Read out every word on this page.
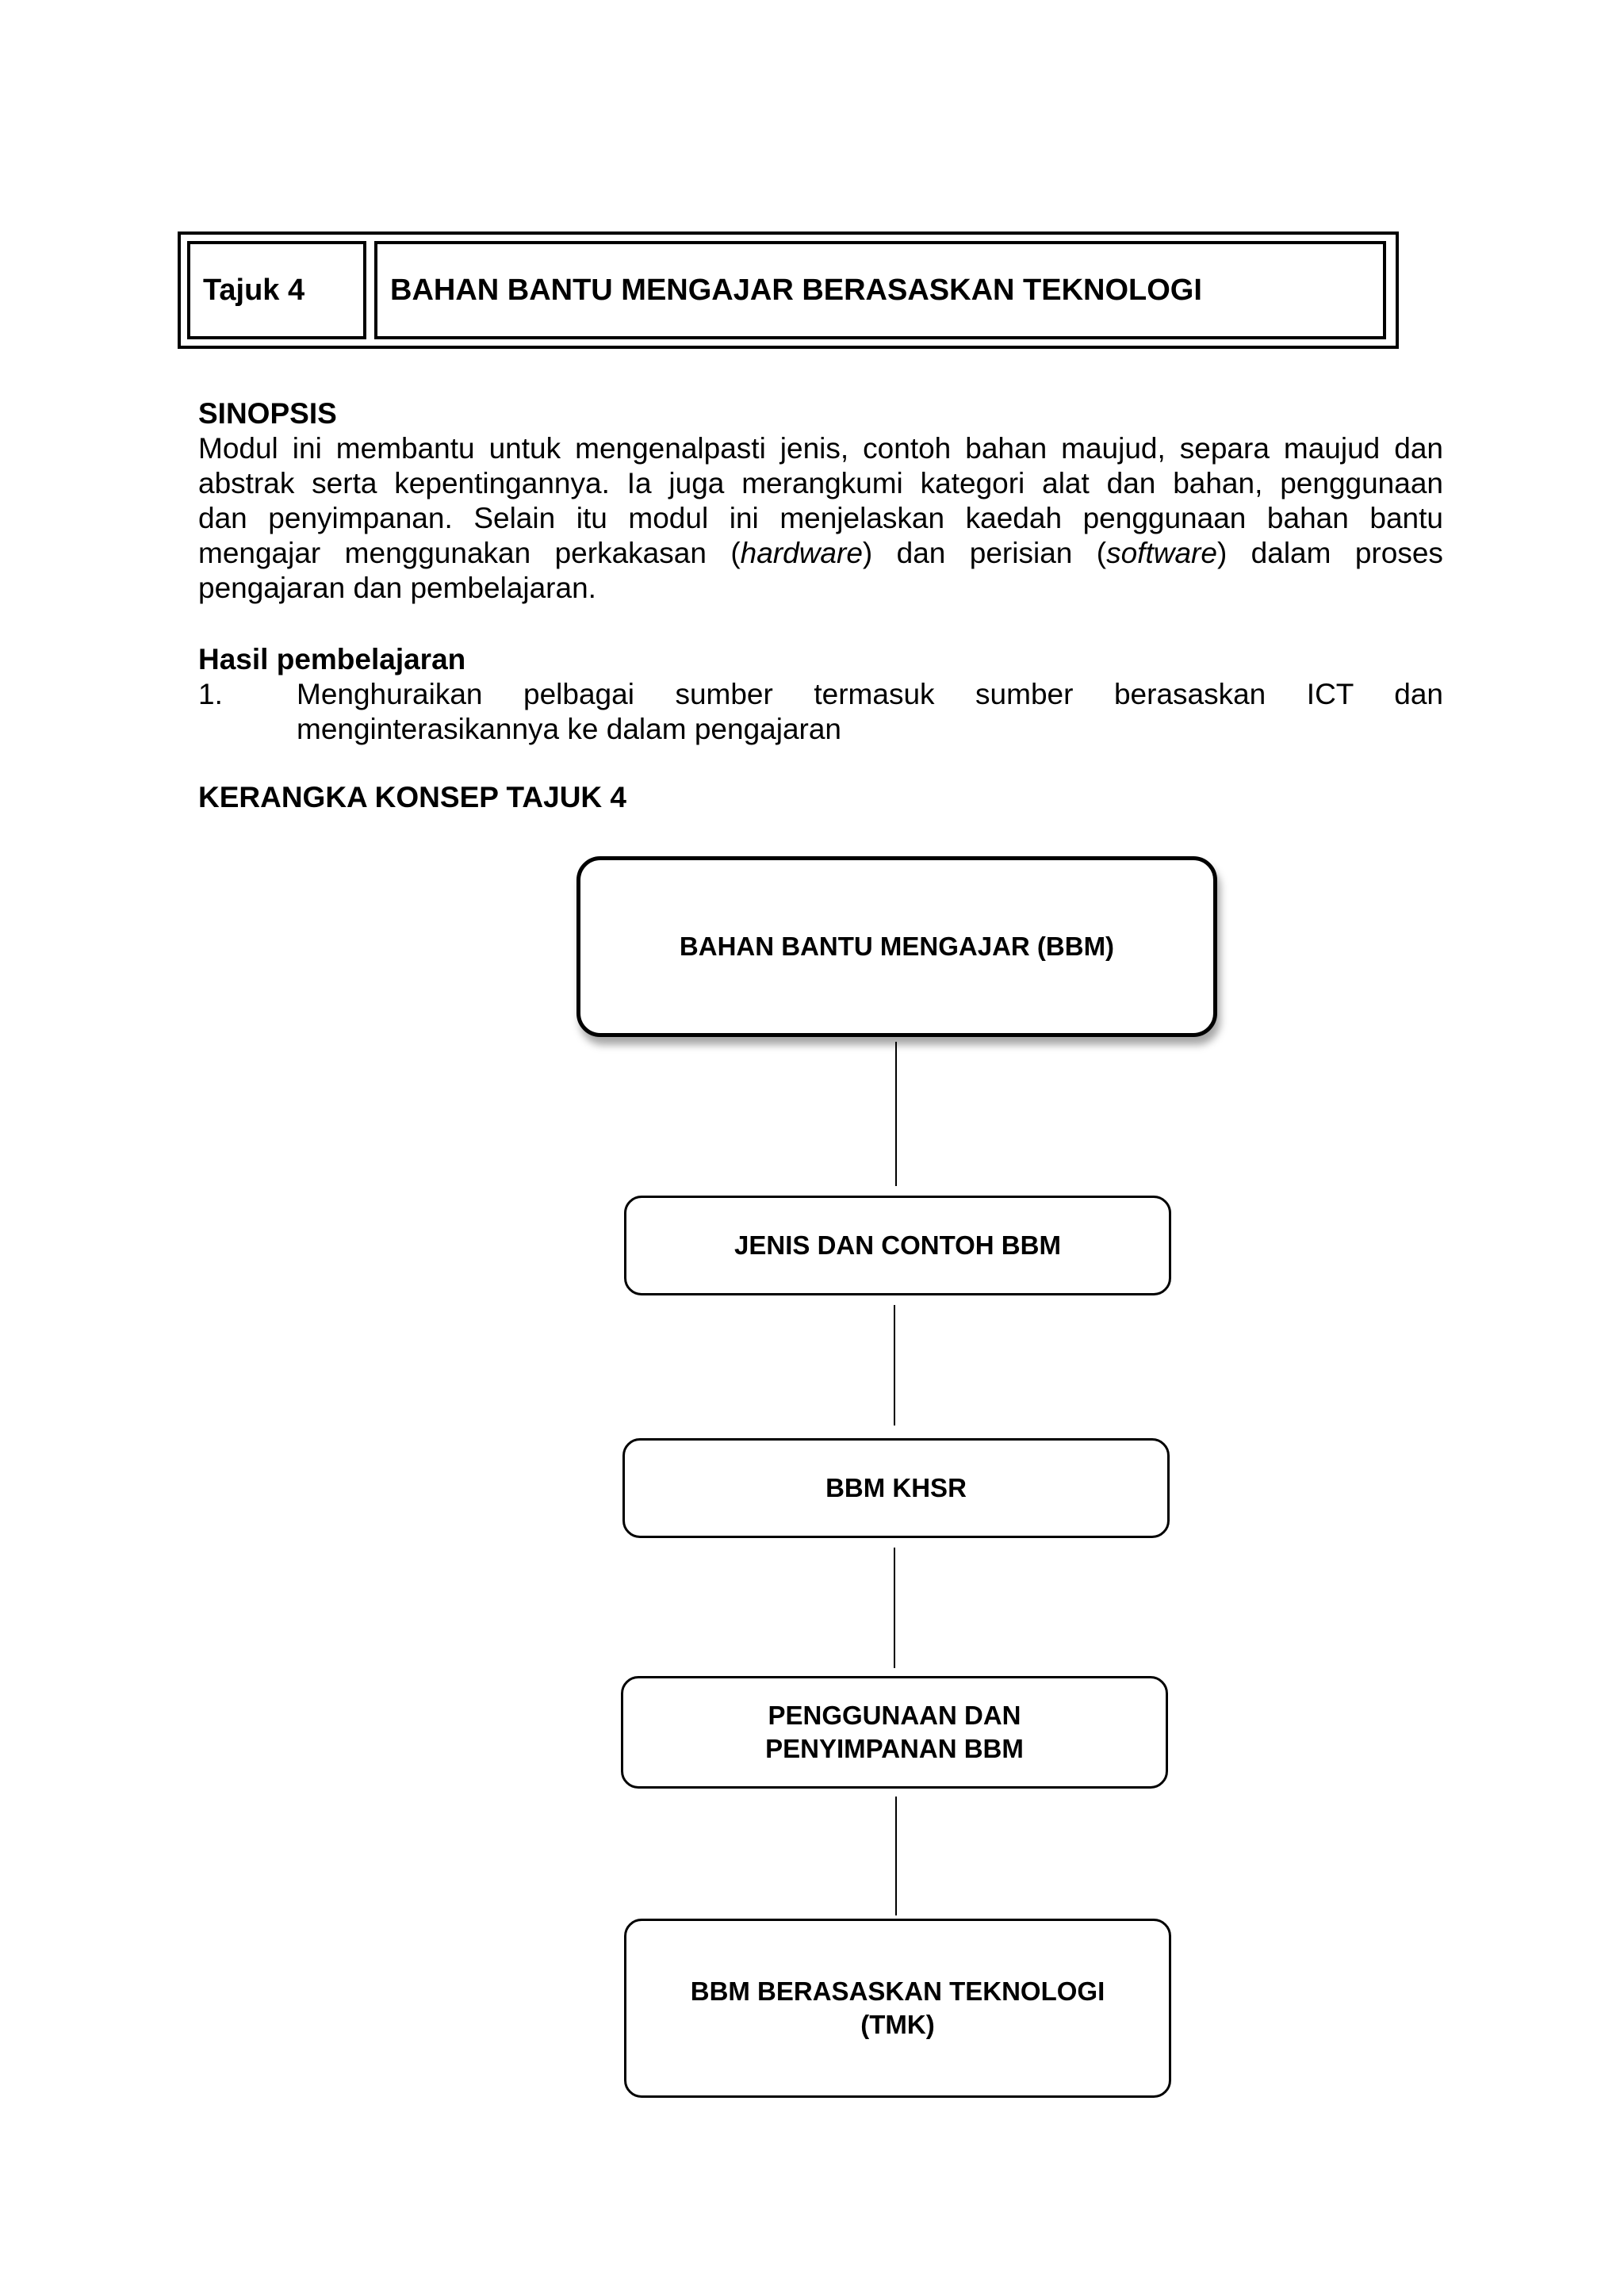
Tajuk 4	BAHAN BANTU MENGAJAR BERASASKAN TEKNOLOGI
SINOPSIS
Modul ini membantu untuk mengenalpasti jenis, contoh bahan maujud, separa maujud dan
abstrak serta kepentingannya. Ia juga merangkumi kategori alat dan bahan, penggunaan
dan penyimpanan. Selain itu modul ini menjelaskan kaedah penggunaan bahan bantu
mengajar menggunakan perkakasan (hardware) dan perisian (software) dalam proses
pengajaran dan pembelajaran.
Hasil pembelajaran
1.	Menghuraikan pelbagai sumber termasuk sumber berasaskan ICT dan
menginterasikannya ke dalam pengajaran
KERANGKA KONSEP TAJUK 4
BAHAN BANTU MENGAJAR (BBM)
JENIS DAN CONTOH BBM
BBM KHSR
PENGGUNAAN DAN
PENYIMPANAN BBM
BBM BERASASKAN TEKNOLOGI
(TMK)
